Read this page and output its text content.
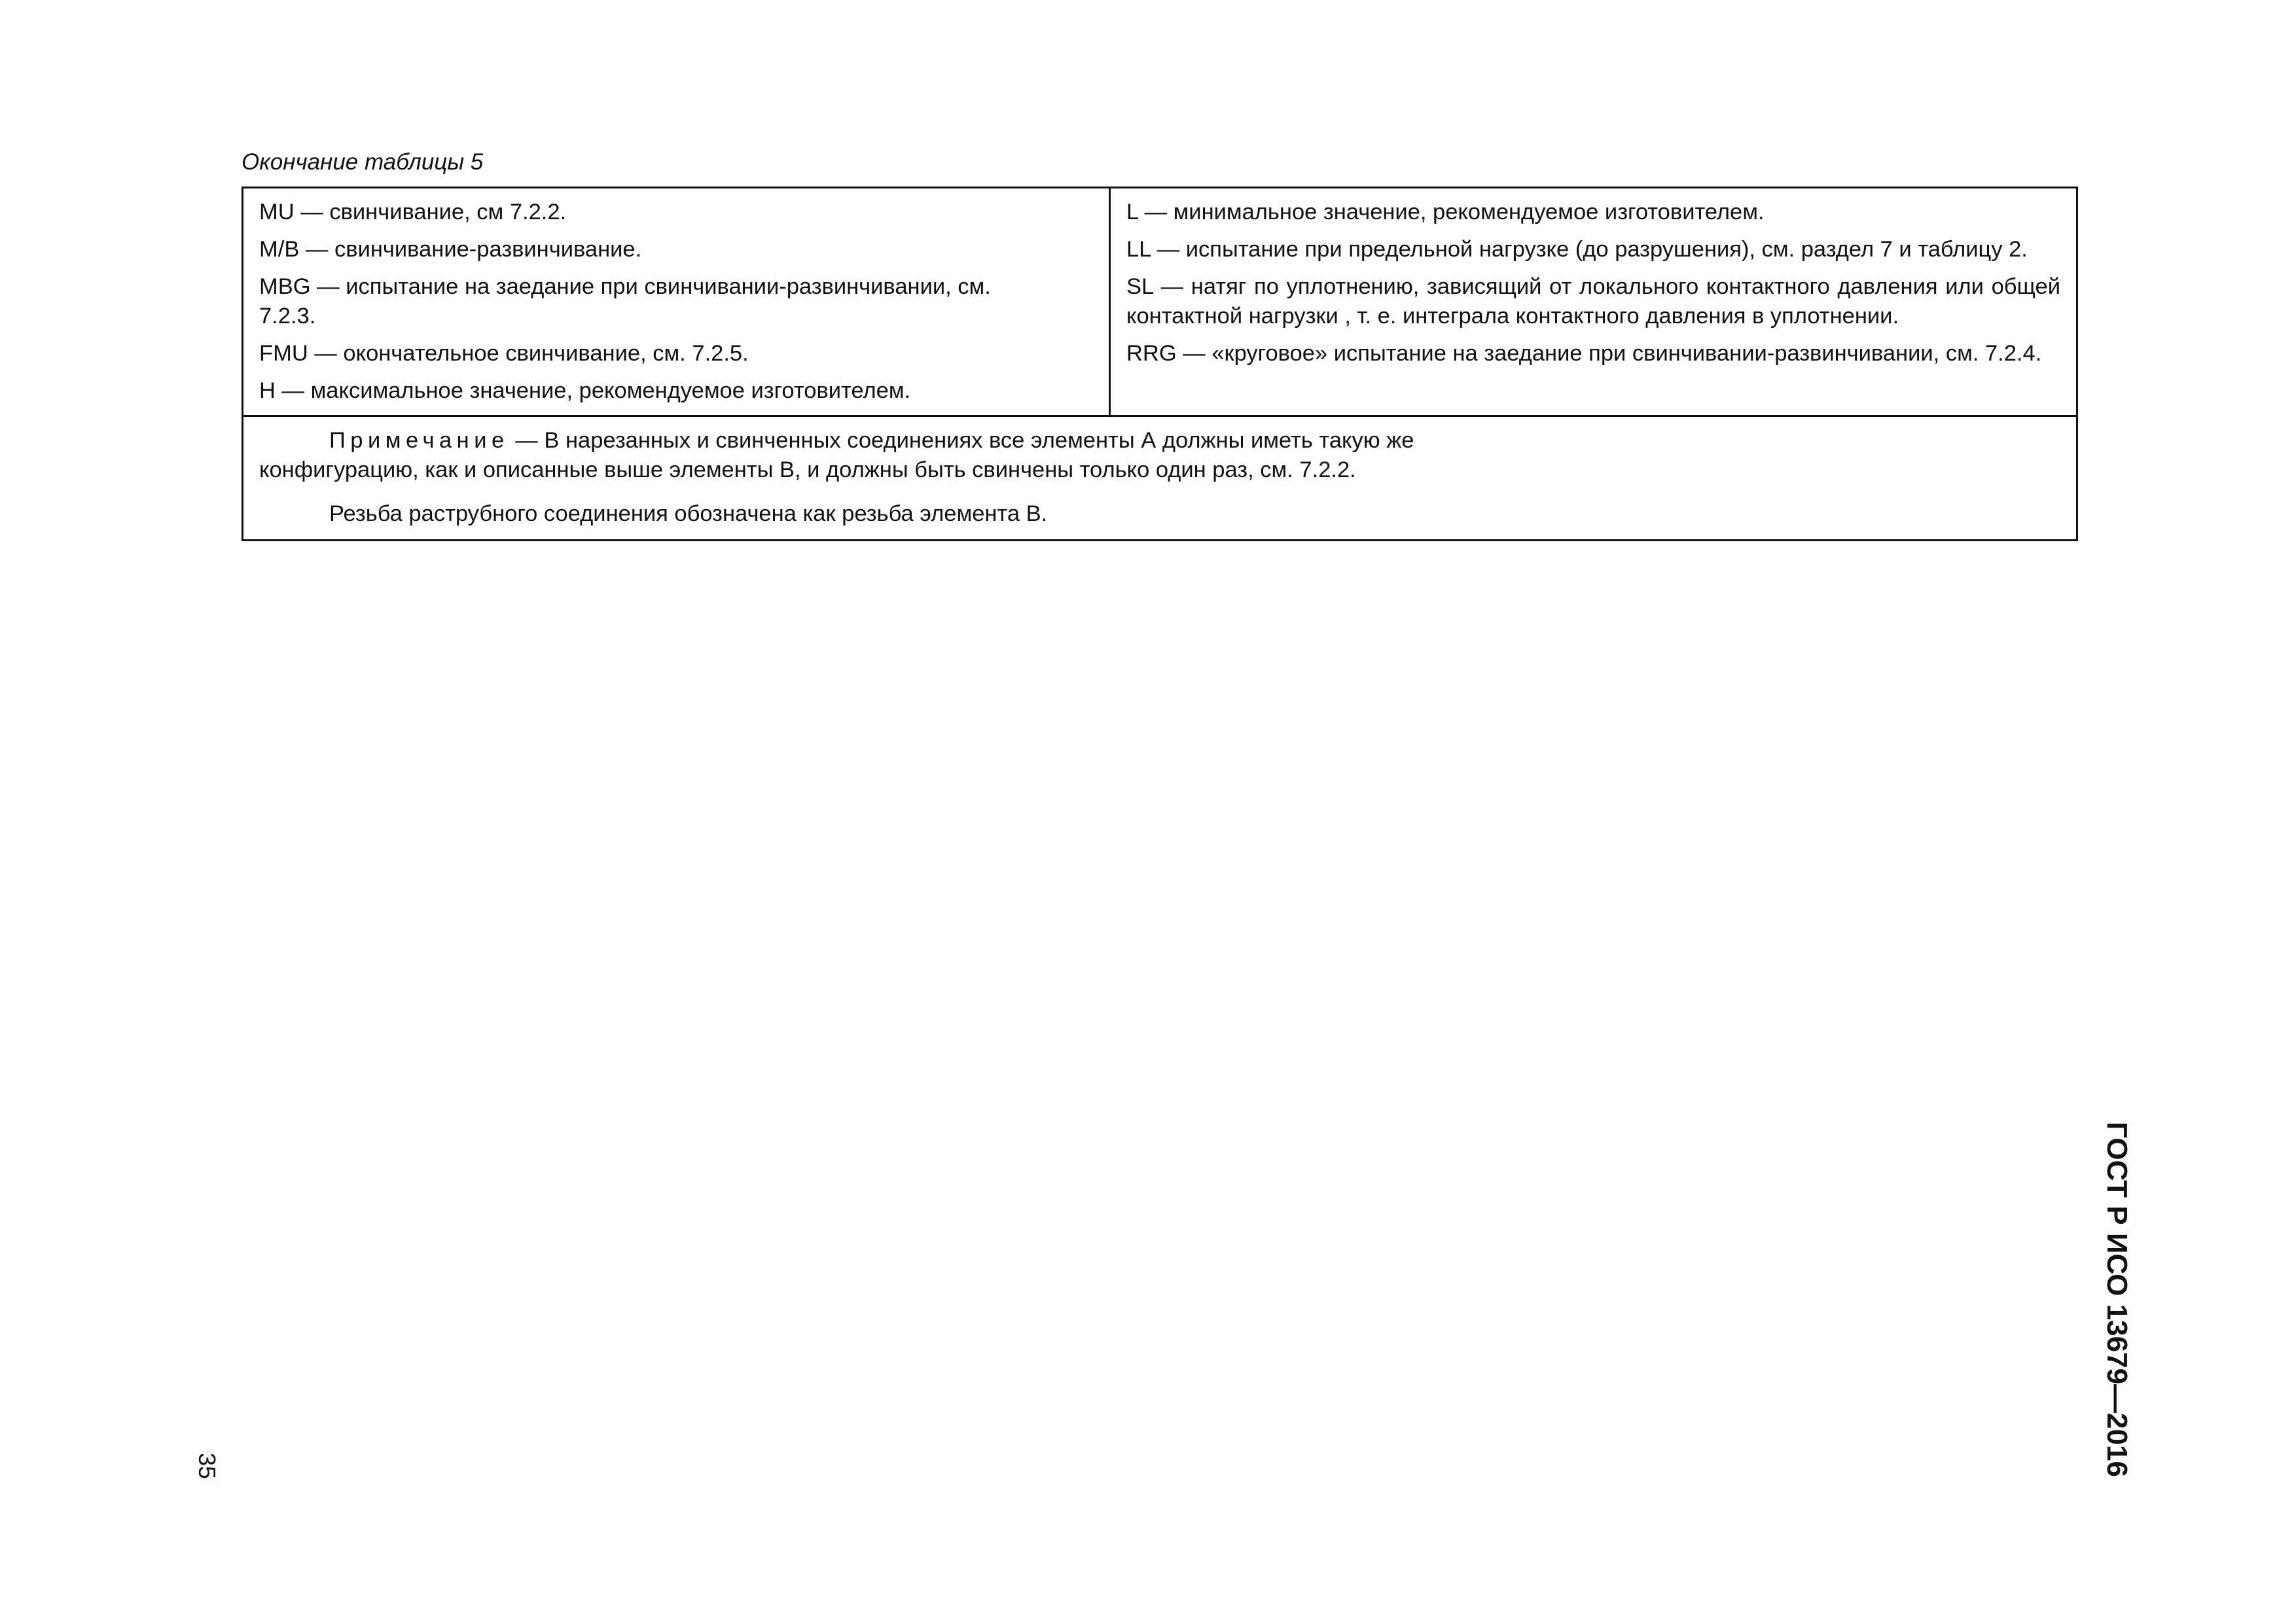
Окончание таблицы 5
MU — свинчивание, см 7.2.2.
M/B — свинчивание-развинчивание.
MBG — испытание на заедание при свинчивании-развинчивании, см. 7.2.3.
FMU — окончательное свинчивание, см. 7.2.5.
H — максимальное значение, рекомендуемое изготовителем.
L — минимальное значение, рекомендуемое изготовителем.
LL — испытание при предельной нагрузке (до разрушения), см. раздел 7 и таблицу 2.
SL — натяг по уплотнению, зависящий от локального контактного давления или общей контактной нагрузки , т. е. интеграла контактного давления в уплотнении.
RRG — «круговое» испытание на заедание при свинчивании-развинчивании, см. 7.2.4.
Примечание — В нарезанных и свинченных соединениях все элементы А должны иметь такую же конфигурацию, как и описанные выше элементы В, и должны быть свинчены только один раз, см. 7.2.2.
Резьба раструбного соединения обозначена как резьба элемента В.
35	ГОСТ Р ИСО 13679—2016
